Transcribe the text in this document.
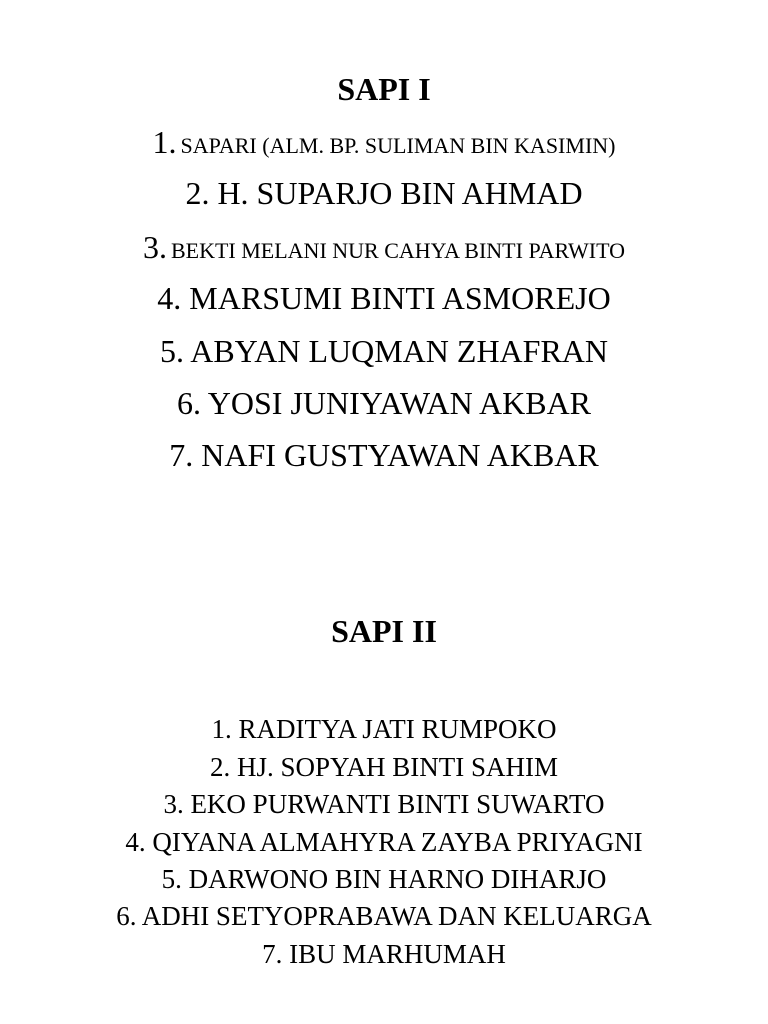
SAPI I
1. SAPARI (ALM. BP. SULIMAN BIN KASIMIN)
2. H. SUPARJO BIN AHMAD
3. BEKTI MELANI NUR CAHYA BINTI PARWITO
4. MARSUMI BINTI ASMOREJO
5. ABYAN LUQMAN ZHAFRAN
6. YOSI JUNIYAWAN AKBAR
7. NAFI GUSTYAWAN AKBAR
SAPI II
1. RADITYA JATI RUMPOKO
2. HJ. SOPYAH BINTI SAHIM
3. EKO PURWANTI BINTI SUWARTO
4. QIYANA ALMAHYRA ZAYBA PRIYAGNI
5. DARWONO BIN HARNO DIHARJO
6. ADHI SETYOPRABAWA DAN KELUARGA
7. IBU MARHUMAH
